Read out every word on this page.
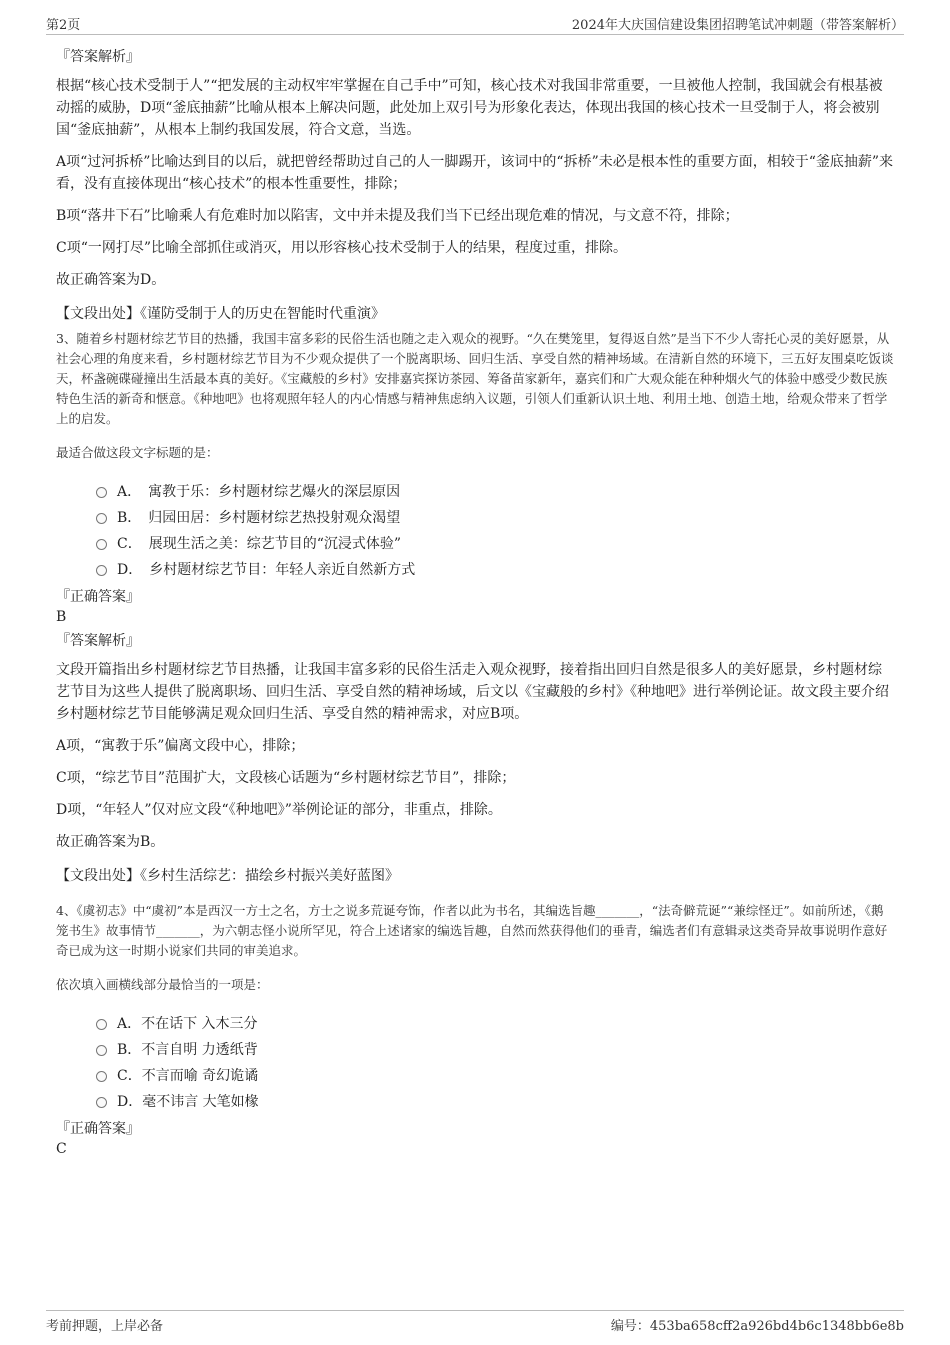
第2页	2024年大庆国信建设集团招聘笔试冲刺题（带答案解析）
『答案解析』

根据“核心技术受制于人”“把发展的主动权牢牢掌握在自己手中”可知，核心技术对我国非常重要，一旦被他人控制，我国就会有根基被动摇的威胁，D项“釜底抽薪”比喻从根本上解决问题，此处加上双引号为形象化表达，体现出我国的核心技术一旦受制于人，将会被别国“釜底抽薪”，从根本上制约我国发展，符合文意，当选。

A项“过河拆桥”比喻达到目的以后，就把曾经帮助过自己的人一脚踢开，该词中的“拆桥”未必是根本性的重要方面，相较于“釜底抽薪”来看，没有直接体现出“核心技术”的根本性重要性，排除；

B项“落井下石”比喻乘人有危难时加以陷害，文中并未提及我们当下已经出现危难的情况，与文意不符，排除；

C项“一网打尽”比喻全部抓住或消灭，用以形容核心技术受制于人的结果，程度过重，排除。

故正确答案为D。

【文段出处】《谨防受制于人的历史在智能时代重演》
3、随着乡村题材综艺节目的热播，我国丰富多彩的民俗生活也随之走入观众的视野。“久在樊笼里，复得返自然”是当下不少人寄托心灵的美好愿景，从社会心理的角度来看，乡村题材综艺节目为不少观众提供了一个脱离职场、回归生活、享受自然的精神场域。在清新自然的环境下，三五好友围桌吃饭谈天，杯盏碗碟碰撞出生活最本真的美好。《宝藏般的乡村》安排嘉宾探访茶园、筹备苗家新年，嘉宾们和广大观众能在种种烟火气的体验中感受少数民族特色生活的新奇和惬意。《种地吧》也将观照年轻人的内心情感与精神焦虑纳入议题，引领人们重新认识土地、利用土地、创造土地，给观众带来了哲学上的启发。
最适合做这段文字标题的是：
A．　寓教于乐：乡村题材综艺爆火的深层原因
B．　归园田居：乡村题材综艺热投射观众渴望
C．　展现生活之美：综艺节目的“沉浸式体验”
D．　乡村题材综艺节目：年轻人亲近自然新方式
『正确答案』
B
『答案解析』

文段开篇指出乡村题材综艺节目热播，让我国丰富多彩的民俗生活走入观众视野，接着指出回归自然是很多人的美好愿景，乡村题材综艺节目为这些人提供了脱离职场、回归生活、享受自然的精神场域，后文以《宝藏般的乡村》《种地吧》进行举例论证。故文段主要介绍乡村题材综艺节目能够满足观众回归生活、享受自然的精神需求，对应B项。

A项，“寓教于乐”偏离文段中心，排除；

C项，“综艺节目”范围扩大，文段核心话题为“乡村题材综艺节目”，排除；

D项，“年轻人”仅对应文段“《种地吧》”举例论证的部分，非重点，排除。

故正确答案为B。

【文段出处】《乡村生活综艺：描绘乡村振兴美好蓝图》
4、《虞初志》中“虞初”本是西汉一方士之名，方士之说多荒诞夸饰，作者以此为书名，其编选旨趣_______，“法奇僻荒诞”“兼综怪迂”。如前所述，《鹅笼书生》故事情节_______，为六朝志怪小说所罕见，符合上述诸家的编选旨趣，自然而然获得他们的垂青，编选者们有意辑录这类奇异故事说明作意好奇已成为这一时期小说家们共同的审美追求。
依次填入画横线部分最恰当的一项是：
A．不在话下 入木三分
B．不言自明 力透纸背
C．不言而喻 奇幻诡谲
D．毫不讳言 大笔如椽
『正确答案』
C
考前押题，上岸必备	编号：453ba658cff2a926bd4b6c1348bb6e8b
